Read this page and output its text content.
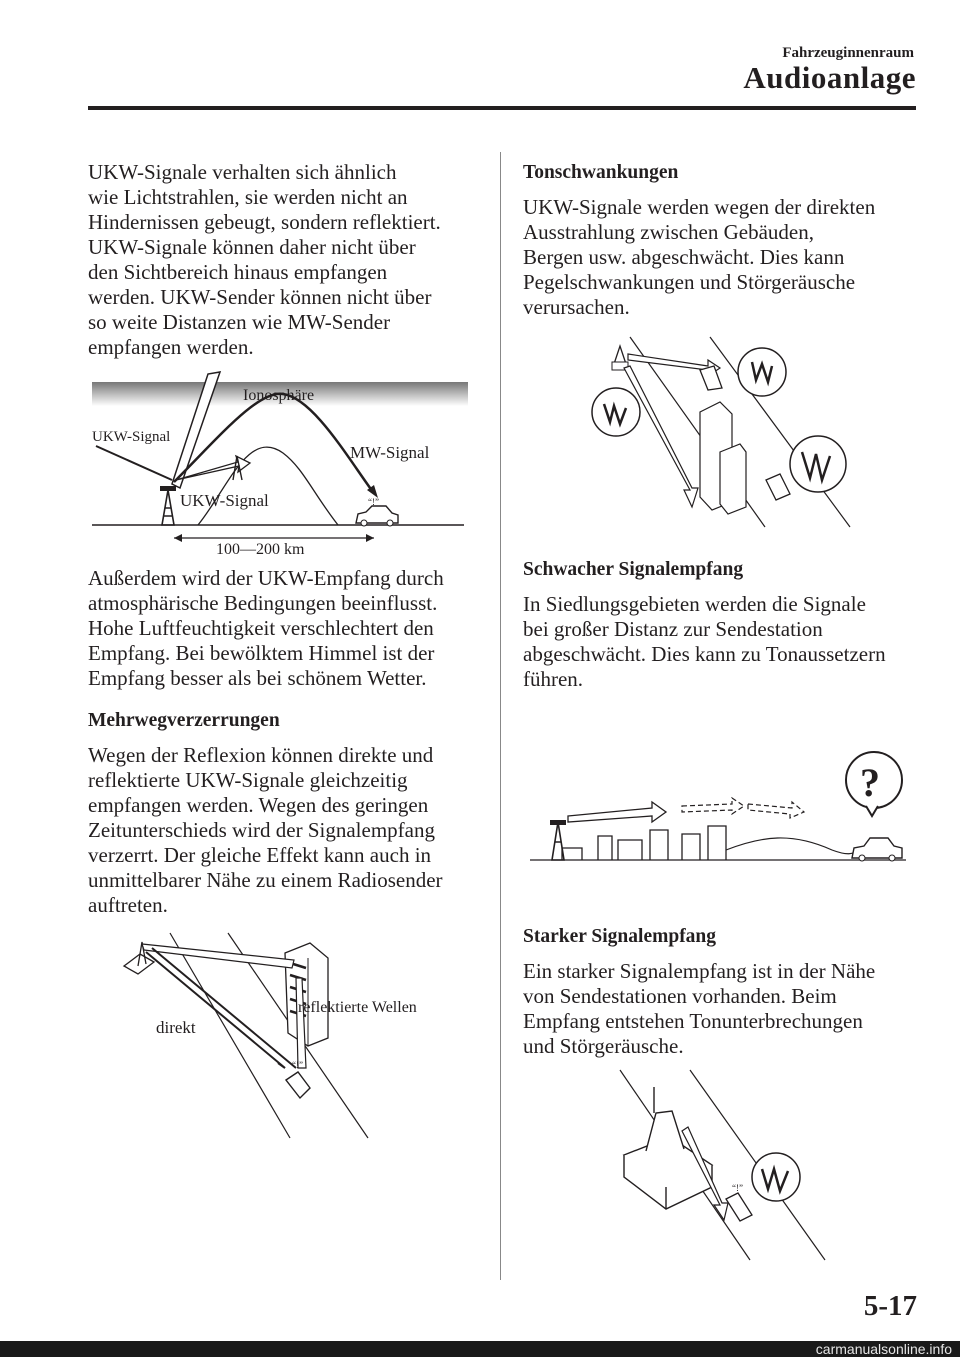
Fahrzeuginnenraum
Audioanlage

UKW-Signale verhalten sich ähnlich
wie Lichtstrahlen, sie werden nicht an
Hindernissen gebeugt, sondern reflektiert.
UKW-Signale können daher nicht über
den Sichtbereich hinaus empfangen
werden. UKW-Sender können nicht über
so weite Distanzen wie MW-Sender
empfangen werden.

Ionosphäre
“!”
UKW-Signal
MW-Signal
UKW-Signal
100—200 km

Außerdem wird der UKW-Empfang durch
atmosphärische Bedingungen beeinflusst.
Hohe Luftfeuchtigkeit verschlechtert den
Empfang. Bei bewölktem Himmel ist der
Empfang besser als bei schönem Wetter.

Mehrwegverzerrungen

Wegen der Reflexion können direkte und
reflektierte UKW-Signale gleichzeitig
empfangen werden. Wegen des geringen
Zeitunterschieds wird der Signalempfang
verzerrt. Der gleiche Effekt kann auch in
unmittelbarer Nähe zu einem Radiosender
auftreten.

“!”
reflektierte Wellen
direkt

Tonschwankungen

UKW-Signale werden wegen der direkten
Ausstrahlung zwischen Gebäuden,
Bergen usw. abgeschwächt. Dies kann
Pegelschwankungen und Störgeräusche
verursachen.

Schwacher Signalempfang

In Siedlungsgebieten werden die Signale
bei großer Distanz zur Sendestation
abgeschwächt. Dies kann zu Tonaussetzern
führen.

?

Starker Signalempfang

Ein starker Signalempfang ist in der Nähe
von Sendestationen vorhanden. Beim
Empfang entstehen Tonunterbrechungen
und Störgeräusche.

“!”
5-17
carmanualsonline.info
